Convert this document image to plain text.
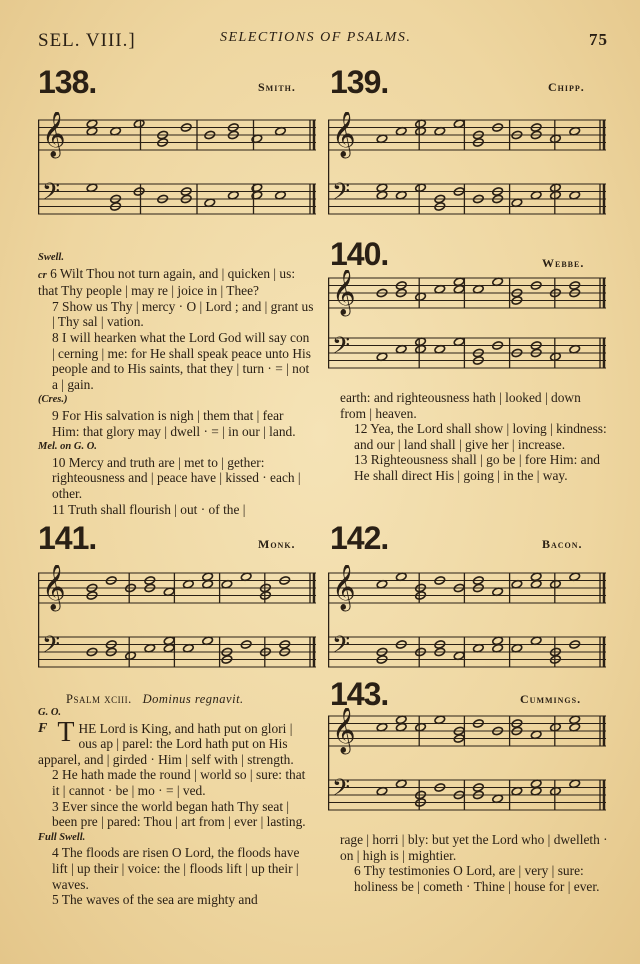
SEL. VIII.]	SELECTIONS OF PSALMS.	75
138.	Smith.
𝄞
𝄢
139.	Chipp.
𝄞
𝄢

Swell.

cr 6 Wilt Thou not turn again, and | quicken | us: that Thy people | may re | joice in | Thee?

7 Show us Thy | mercy · O | Lord ; and | grant us | Thy sal | vation.

8 I will hearken what the Lord God will say con | cerning | me: for He shall speak peace unto His people and to His saints, that they | turn · = | not a | gain.

(Cres.)

9 For His salvation is nigh | them that | fear Him: that glory may | dwell · = | in our | land.

Mel. on G. O.

10 Mercy and truth are | met to | gether: righteousness and | peace have | kissed · each | other.

11 Truth shall flourish | out · of the |

140.	Webbe.
𝄞
𝄢

earth: and righteousness hath | looked | down from | heaven.

12 Yea, the Lord shall show | loving | kindness: and our | land shall | give her | increase.

13 Righteousness shall | go be | fore Him: and He shall direct His | going | in the | way.

141.	Monk.
𝄞
𝄢
142.	Bacon.
𝄞
𝄢
Psalm xciii. Dominus regnavit.

G. O.

F T HE Lord is King, and hath put on glori | ous ap | parel: the Lord hath put on His apparel, and | girded · Him | self with | strength.

2 He hath made the round | world so | sure: that it | cannot · be | mo · = | ved.

3 Ever since the world began hath Thy seat | been pre | pared: Thou | art from | ever | lasting.

Full Swell.

4 The floods are risen O Lord, the floods have lift | up their | voice: the | floods lift | up their | waves.

5 The waves of the sea are mighty and

143.	Cummings.
𝄞
𝄢

rage | horri | bly: but yet the Lord who | dwelleth · on | high is | mightier.

6 Thy testimonies O Lord, are | very | sure: holiness be | cometh · Thine | house for | ever.
